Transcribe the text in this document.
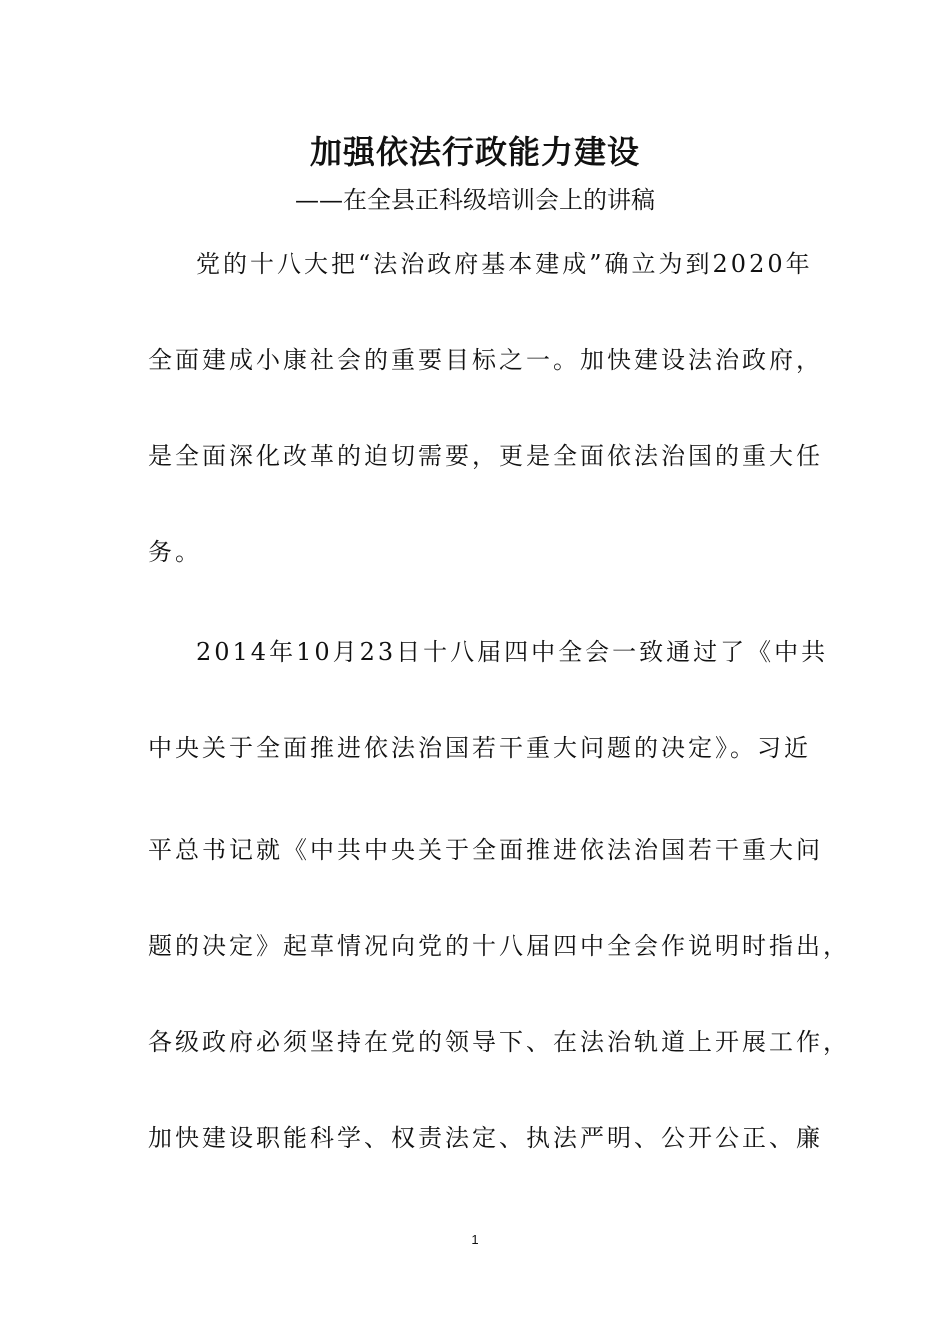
加强依法行政能力建设
——在全县正科级培训会上的讲稿
党的十八大把“法治政府基本建成”确立为到2020年
全面建成小康社会的重要目标之一。加快建设法治政府，
是全面深化改革的迫切需要，更是全面依法治国的重大任
务。
2014年10月23日十八届四中全会一致通过了《中共
中央关于全面推进依法治国若干重大问题的决定》。习近
平总书记就《中共中央关于全面推进依法治国若干重大问
题的决定》起草情况向党的十八届四中全会作说明时指出，
各级政府必须坚持在党的领导下、在法治轨道上开展工作，
加快建设职能科学、权责法定、执法严明、公开公正、廉
1
